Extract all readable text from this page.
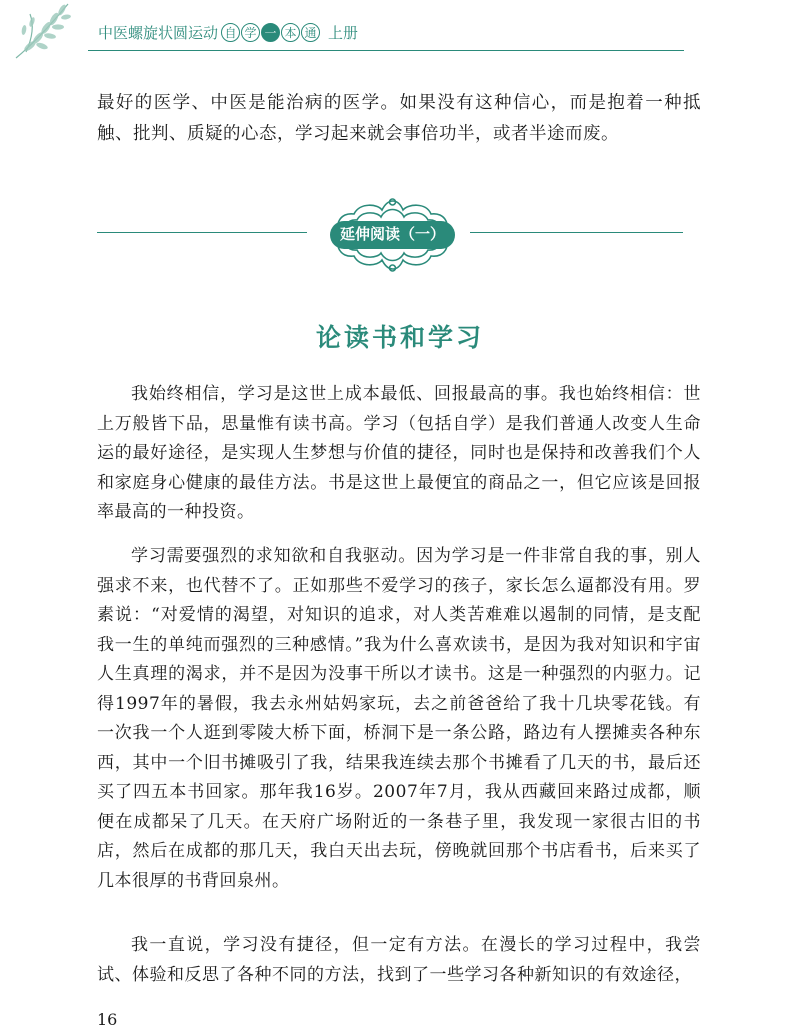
中医螺旋状圆运动 自 学 一 本 通 上册
最好的医学、中医是能治病的医学。如果没有这种信心，而是抱着一种抵触、批判、质疑的心态，学习起来就会事倍功半，或者半途而废。
延伸阅读（一）
论读书和学习
我始终相信，学习是这世上成本最低、回报最高的事。我也始终相信：世上万般皆下品，思量惟有读书高。学习（包括自学）是我们普通人改变人生命运的最好途径，是实现人生梦想与价值的捷径，同时也是保持和改善我们个人和家庭身心健康的最佳方法。书是这世上最便宜的商品之一，但它应该是回报率最高的一种投资。
学习需要强烈的求知欲和自我驱动。因为学习是一件非常自我的事，别人强求不来，也代替不了。正如那些不爱学习的孩子，家长怎么逼都没有用。罗素说：“对爱情的渴望，对知识的追求，对人类苦难难以遏制的同情，是支配我一生的单纯而强烈的三种感情。”我为什么喜欢读书，是因为我对知识和宇宙人生真理的渴求，并不是因为没事干所以才读书。这是一种强烈的内驱力。记得1997年的暑假，我去永州姑妈家玩，去之前爸爸给了我十几块零花钱。有一次我一个人逛到零陵大桥下面，桥洞下是一条公路，路边有人摆摊卖各种东西，其中一个旧书摊吸引了我，结果我连续去那个书摊看了几天的书，最后还买了四五本书回家。那年我16岁。2007年7月，我从西藏回来路过成都，顺便在成都呆了几天。在天府广场附近的一条巷子里，我发现一家很古旧的书店，然后在成都的那几天，我白天出去玩，傍晚就回那个书店看书，后来买了几本很厚的书背回泉州。
我一直说，学习没有捷径，但一定有方法。在漫长的学习过程中，我尝试、体验和反思了各种不同的方法，找到了一些学习各种新知识的有效途径，
16
